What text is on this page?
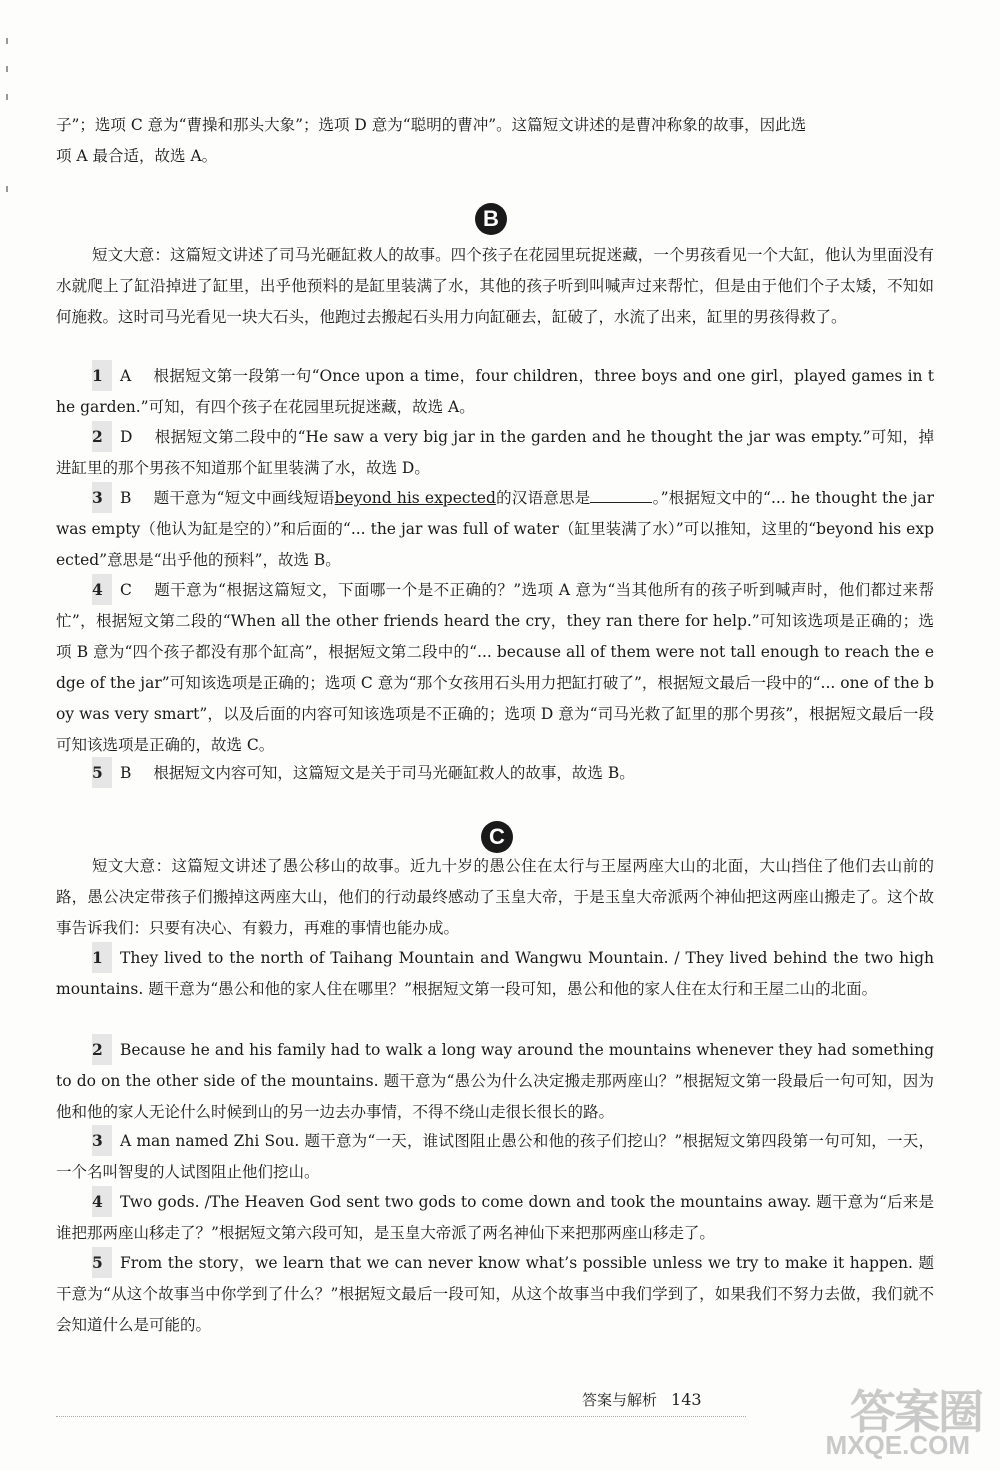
子”；选项 C 意为“曹操和那头大象”；选项 D 意为“聪明的曹冲”。这篇短文讲述的是曹冲称象的故事，因此选
项 A 最合适，故选 A。
B
短文大意：这篇短文讲述了司马光砸缸救人的故事。四个孩子在花园里玩捉迷藏，一个男孩看见一个大缸，他认为里面没有水就爬上了缸沿掉进了缸里，出乎他预料的是缸里装满了水，其他的孩子听到叫喊声过来帮忙，但是由于他们个子太矮，不知如何施救。这时司马光看见一块大石头，他跑过去搬起石头用力向缸砸去，缸破了，水流了出来，缸里的男孩得救了。
1 A 根据短文第一段第一句“Once upon a time，four children，three boys and one girl，played games in the garden.”可知，有四个孩子在花园里玩捉迷藏，故选 A。
2 D 根据短文第二段中的“He saw a very big jar in the garden and he thought the jar was empty.”可知，掉进缸里的那个男孩不知道那个缸里装满了水，故选 D。
3 B 题干意为“短文中画线短语beyond his expected的汉语意思是	。”根据短文中的“... he thought the jar was empty（他认为缸是空的）”和后面的“... the jar was full of water（缸里装满了水）”可以推知，这里的“beyond his expected”意思是“出乎他的预料”，故选 B。
4 C 题干意为“根据这篇短文，下面哪一个是不正确的？”选项 A 意为“当其他所有的孩子听到喊声时，他们都过来帮忙”，根据短文第二段的“When all the other friends heard the cry，they ran there for help.”可知该选项是正确的；选项 B 意为“四个孩子都没有那个缸高”，根据短文第二段中的“... because all of them were not tall enough to reach the edge of the jar”可知该选项是正确的；选项 C 意为“那个女孩用石头用力把缸打破了”，根据短文最后一段中的“... one of the boy was very smart”，以及后面的内容可知该选项是不正确的；选项 D 意为“司马光救了缸里的那个男孩”，根据短文最后一段可知该选项是正确的，故选 C。
5 B 根据短文内容可知，这篇短文是关于司马光砸缸救人的故事，故选 B。
C
短文大意：这篇短文讲述了愚公移山的故事。近九十岁的愚公住在太行与王屋两座大山的北面，大山挡住了他们去山前的路，愚公决定带孩子们搬掉这两座大山，他们的行动最终感动了玉皇大帝，于是玉皇大帝派两个神仙把这两座山搬走了。这个故事告诉我们：只要有决心、有毅力，再难的事情也能办成。
1 They lived to the north of Taihang Mountain and Wangwu Mountain. / They lived behind the two high mountains. 题干意为“愚公和他的家人住在哪里？”根据短文第一段可知，愚公和他的家人住在太行和王屋二山的北面。
2 Because he and his family had to walk a long way around the mountains whenever they had something to do on the other side of the mountains. 题干意为“愚公为什么决定搬走那两座山？”根据短文第一段最后一句可知，因为他和他的家人无论什么时候到山的另一边去办事情，不得不绕山走很长很长的路。
3 A man named Zhi Sou. 题干意为“一天，谁试图阻止愚公和他的孩子们挖山？”根据短文第四段第一句可知，一天，一个名叫智叟的人试图阻止他们挖山。
4 Two gods. /The Heaven God sent two gods to come down and took the mountains away. 题干意为“后来是谁把那两座山移走了？”根据短文第六段可知，是玉皇大帝派了两名神仙下来把那两座山移走了。
5 From the story，we learn that we can never know what’s possible unless we try to make it happen. 题干意为“从这个故事当中你学到了什么？”根据短文最后一段可知，从这个故事当中我们学到了，如果我们不努力去做，我们就不会知道什么是可能的。
答案与解析 143	答案圈
MXQE.COM
